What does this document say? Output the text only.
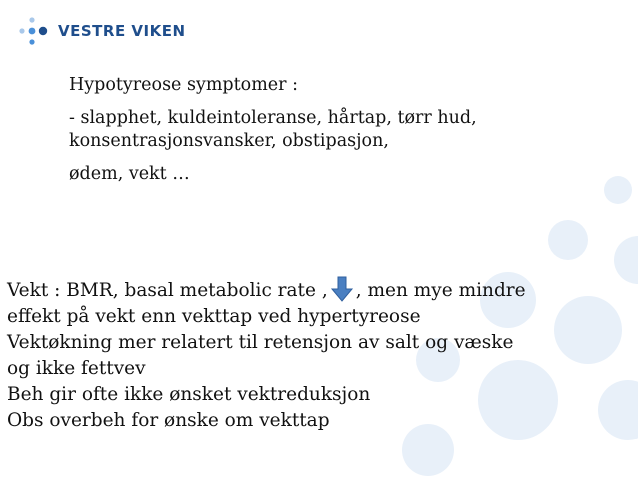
VESTRE VIKEN

Hypotyreose symptomer :

- slapphet, kuldeintoleranse, hårtap, tørr hud,

konsentrasjonsvansker, obstipasjon,

ødem, vekt …

Vekt : BMR, basal metabolic rate , , men mye mindre

effekt på vekt enn vekttap ved hypertyreose

Vektøkning mer relatert til retensjon av salt og væske

og ikke fettvev

Beh gir ofte ikke ønsket vektreduksjon

Obs overbeh for ønske om vekttap
